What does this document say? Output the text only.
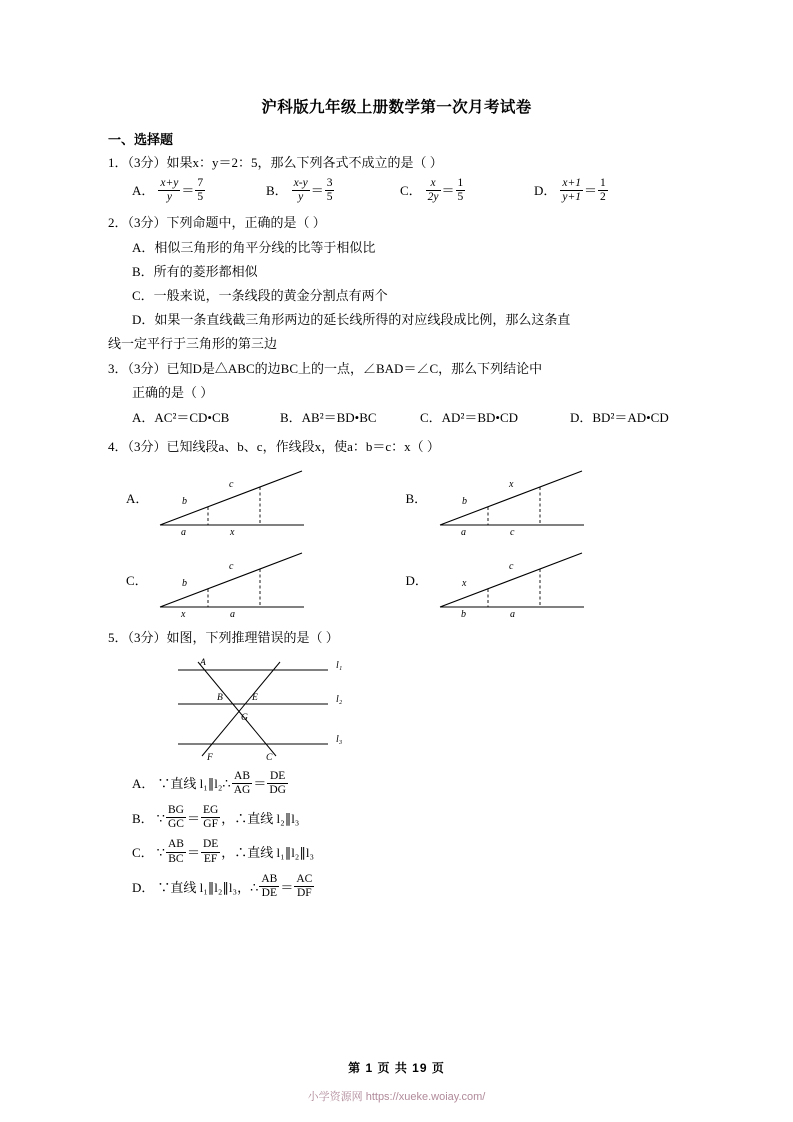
沪科版九年级上册数学第一次月考试卷
一、选择题
1．（3分）如果x：y＝2：5，那么下列各式不成立的是（ ）
A． $\frac{x+y}{y} = \frac{7}{5}$	B． $\frac{x-y}{y} = \frac{3}{5}$	C． $\frac{x}{2y} = \frac{1}{5}$	D． $\frac{x+1}{y+1} = \frac{1}{2}$
2．（3分）下列命题中，正确的是（ ）
A．相似三角形的角平分线的比等于相似比
B．所有的菱形都相似
C．一般来说，一条线段的黄金分割点有两个
D．如果一条直线截三角形两边的延长线所得的对应线段成比例，那么这条直
线一定平行于三角形的第三边
3．（3分）已知D是△ABC的边BC上的一点，∠BAD＝∠C，那么下列结论中
正确的是（ ）
A．AC²＝CD•CB	B．AB²＝BD•BC	C．AD²＝BD•CD	D．BD²＝AD•CD
4．（3分）已知线段a、b、c，作线段x，使a：b＝c：x（ ）
A．	b
c
a	x
B．	b
x
a	c
C．	b
c
x	a
D．	x
c
b	a
5．（3分）如图，下列推理错误的是（ ）
A
B	E
G
F	C
l₁
l₂
l₃
A． ∵直线 l₁∥l₂∴ $\frac{AB}{AG} = \frac{DE}{DG}$
B． ∵ $\frac{BG}{GC} = \frac{EG}{GF}$ ，∴直线 l₂∥l₃
C． ∵ $\frac{AB}{BC} = \frac{DE}{EF}$ ，∴直线 l₁∥l₂∥l₃
D． ∵直线 l₁∥l₂∥l₃，∴ $\frac{AB}{DE} = \frac{AC}{DF}$
第 1 页 共 19 页
小学资源网 https://xueke.woiay.com/
